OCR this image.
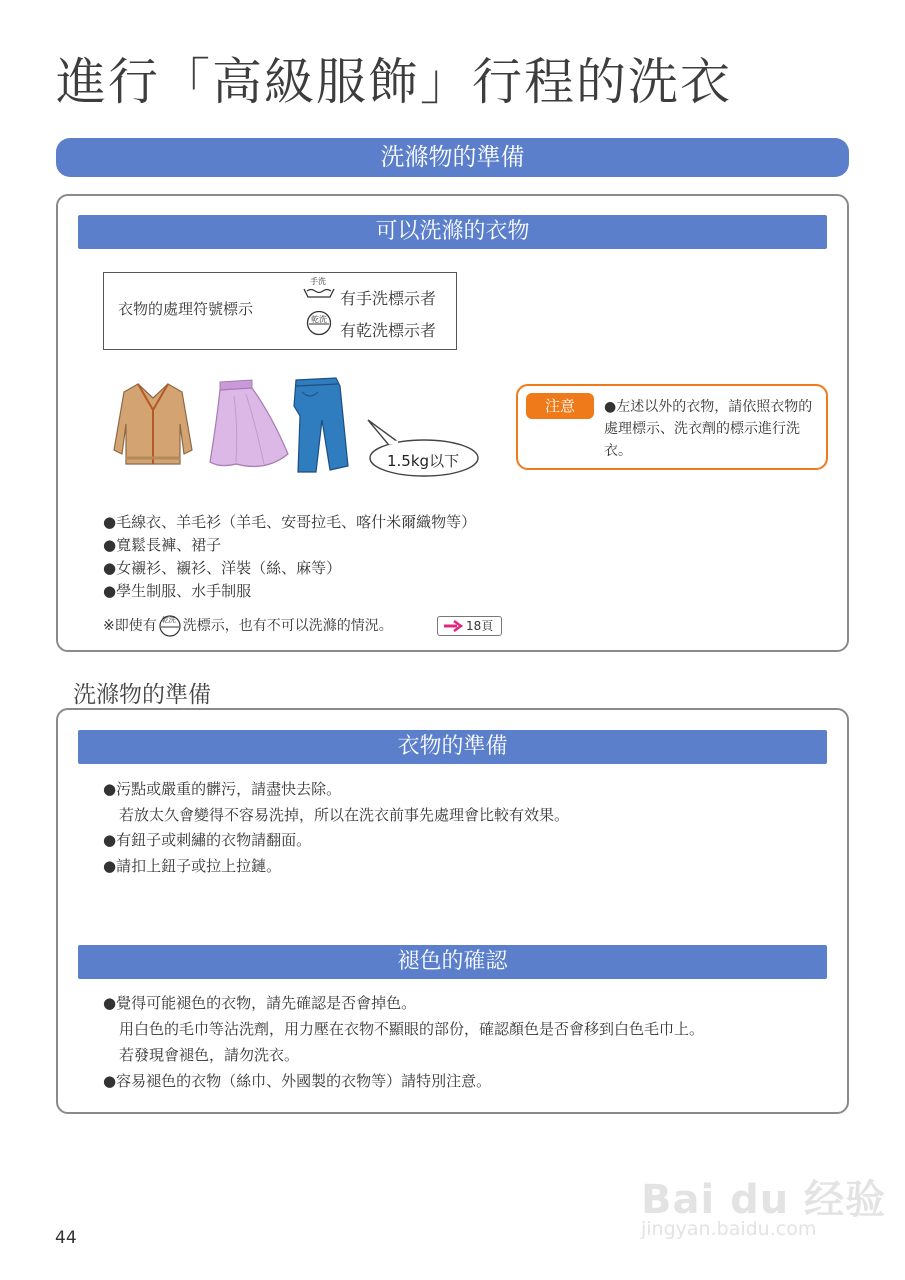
進行「高級服飾」行程的洗衣
洗滌物的準備
可以洗滌的衣物
衣物的處理符號標示
手洗
有手洗標示者
乾洗
有乾洗標示者
1.5kg以下
注意	●左述以外的衣物，請依照衣物的處理標示、洗衣劑的標示進行洗衣。
●毛線衣、羊毛衫（羊毛、安哥拉毛、喀什米爾織物等）
●寬鬆長褲、裙子
●女襯衫、襯衫、洋裝（絲、麻等）
●學生制服、水手制服
※即使有 乾洗 洗標示，也有不可以洗滌的情況。	18頁
洗滌物的準備
衣物的準備
●污點或嚴重的髒污，請盡快去除。
若放太久會變得不容易洗掉，所以在洗衣前事先處理會比較有效果。
●有鈕子或刺繡的衣物請翻面。
●請扣上鈕子或拉上拉鏈。
褪色的確認
●覺得可能褪色的衣物，請先確認是否會掉色。
用白色的毛巾等沾洗劑，用力壓在衣物不顯眼的部份，確認顏色是否會移到白色毛巾上。
若發現會褪色，請勿洗衣。
●容易褪色的衣物（絲巾、外國製的衣物等）請特別注意。
44
Bai du 经验
jingyan.baidu.com
